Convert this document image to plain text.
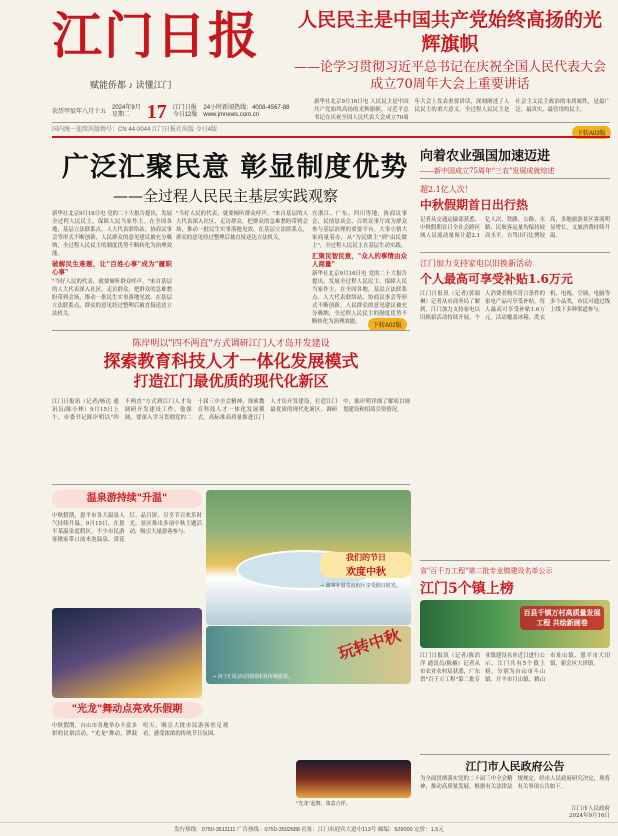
江门日报
赋能侨都 ♪ 读懂江门
人民民主是中国共产党始终高扬的光辉旗帜
——论学习贯彻习近平总书记在庆祝全国人民代表大会成立70周年大会上重要讲话
农历甲辰年八月十五
2024年9月
星期二 17 江门日报
今日12版
24小时新闻热线：4008-4567-88
www.jmnews.com.cn
新华社北京9月16日电 人民民主是中国共产党始终高扬的光辉旗帜。习近平总书记在庆祝全国人民代表大会成立70周年大会上发表重要讲话，深刻阐述了人民民主的重大意义。全过程人民民主是社会主义民主政治的本质属性，是最广泛、最真实、最管用的民主。
国内统一连续出版物号：CN 44-0044 江门日报社出版 今日4版
下转A03版
广泛汇聚民意 彰显制度优势
——全过程人民民主基层实践观察
新华社北京9月16日电 党的二十大报告提出，发展全过程人民民主，保障人民当家作主。在全国各地，基层立法联系点、人大代表联络站、协商议事会等形式不断创新，人民群众的意见建议被充分吸纳，全过程人民民主的制度优势不断转化为治理效能。
破解民生难题，让"百姓心事"成为"履职心事"
"当好人民的代表，就要倾听群众呼声。"来自基层的人大代表深入社区、走访群众，把群众的急难愁盼带到会场，推动一批民生实事落地见效。在基层立法联系点，群众的意见经过整理后被直接送达立法机关。
"当好人民的代表，就要倾听群众呼声。"来自基层的人大代表深入社区、走访群众，把群众的急难愁盼带到会场，推动一批民生实事落地见效。在基层立法联系点，群众的意见经过整理后被直接送达立法机关。
在浙江、广东、四川等地，协商议事会、民情恳谈会、百姓议事厅成为群众参与基层治理的重要平台。大事小情大家商量着办，从"为民做主"到"由民做主"，全过程人民民主在基层生动实践。
汇聚民智民意，"众人的事情由众人商量"
新华社北京9月16日电 党的二十大报告提出，发展全过程人民民主，保障人民当家作主。在全国各地，基层立法联系点、人大代表联络站、协商议事会等形式不断创新，人民群众的意见建议被充分吸纳，全过程人民民主的制度优势不断转化为治理效能。
下转A02版
向着农业强国加速迈进
——新中国成立75周年"三农"发展成就综述
超2.1亿人次！
中秋假期首日出行热
记者从交通运输部获悉，中秋假期首日全社会跨区域人员流动量预计超2.1亿人次，铁路、公路、水路、民航客运量均保持较高水平。自驾出行比例较高，多地旅游景区客流明显增长，文旅消费持续升温。
江门加力支持家电以旧换新活动
个人最高可享受补贴1.6万元
江门日报讯（记者/黄瑞琳）记者从市商务局了解到，江门加力支持家电以旧换新活动持续开展。个人消费者购买符合条件的家电产品可享受补贴，每人最高可享受补贴1.6万元。活动覆盖冰箱、洗衣机、电视、空调、电脑等多个品类，市民可通过线上线下多种渠道参与。
陈岸明以"四不两直"方式调研江门人才岛开发建设
探索教育科技人才一体化发展模式
打造江门最优质的现代化新区
江门日报讯（记者/杨达 通讯员/陈小林）9月15日上午，市委书记陈岸明以"四不两直"方式到江门人才岛调研开发建设工作。他强调，要深入学习贯彻党的二十届三中全会精神，探索教育科技人才一体化发展模式，高标准高质量推进江门人才岛开发建设，打造江门最优质的现代化新区。调研中，陈岸明详细了解项目规划建设和招商引资情况。
温泉游持续"升温"
中秋假期，恩平市各大温泉人气持续升温。9月15日，在恩平某温泉度假区，不少市民游客携家带口前来泡温泉、赏花灯、品月饼，尽享节日欢乐时光。景区推出多项中秋主题活动，吸引大量游客参与。
我们的节日
欢度中秋
→ 游客在温泉度假区享受假日时光。
玩转中秋
→ 孩子们在活动现场体验传统游戏。
"光龙"舞动点亮欢乐假期
中秋假期，台山市各地举办丰富多彩的民俗活动。"光龙"舞动，锣鼓喧天，吸引大批市民游客驻足观看，感受浓浓的传统节日氛围。
"光龙"起舞，寓意吉祥。
省"百千万工程"第二批专业镇建设名单公示
江门5个镇上榜
百县千镇万村高质量发展工程 共绘新画卷
江门日报讯（记者/陈浩洋 通讯员/陈楠）记者从市农业农村局获悉，广东省"百千万工程"第二批专业镇建设名单近日进行公示，江门共有5个镇上榜，分别为台山市斗山镇、开平市月山镇、鹤山市址山镇、恩平市大田镇、新会区大泽镇。
江门市人民政府公告
为全面贯彻落实党的二十届三中全会精神，推动高质量发展，根据有关法律法规规定，经市人民政府研究决定，现将有关事项公告如下。
江门市人民政府
2024年9月16日
发行热线：0750-3511111 广告热线：0750-3502688 社址：江门市迎宾大道中113号 邮编：529000 定价：1.5元
